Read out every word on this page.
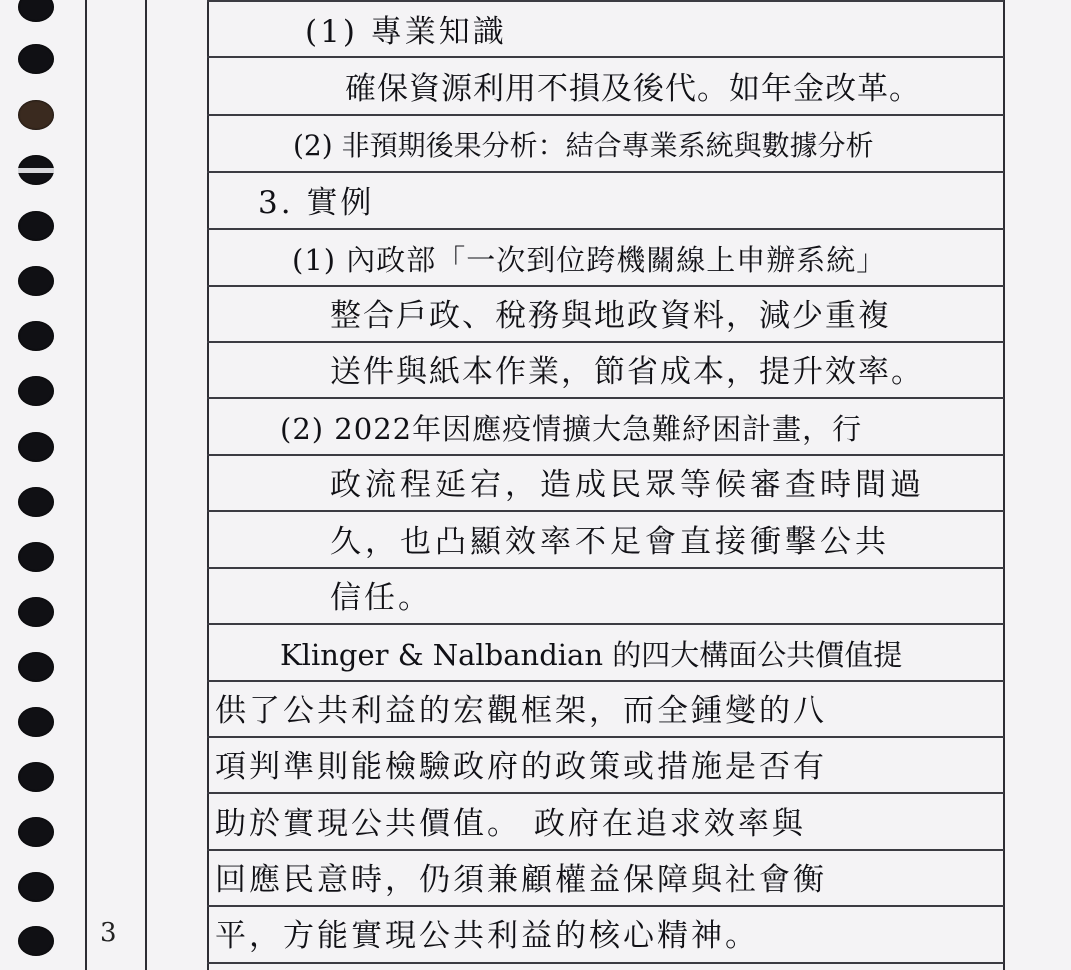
(1) 專業知識
確保資源利用不損及後代。如年金改革。
(2) 非預期後果分析：結合專業系統與數據分析
3. 實例
(1) 內政部「一次到位跨機關線上申辦系統」
整合戶政、稅務與地政資料，減少重複
送件與紙本作業，節省成本，提升效率。
(2) 2022年因應疫情擴大急難紓困計畫，行
政流程延宕，造成民眾等候審查時間過
久，也凸顯效率不足會直接衝擊公共
信任。
Klinger & Nalbandian 的四大構面公共價值提
供了公共利益的宏觀框架，而全鍾燮的八
項判準則能檢驗政府的政策或措施是否有
助於實現公共價值。 政府在追求效率與
回應民意時，仍須兼顧權益保障與社會衡
平，方能實現公共利益的核心精神。
3
